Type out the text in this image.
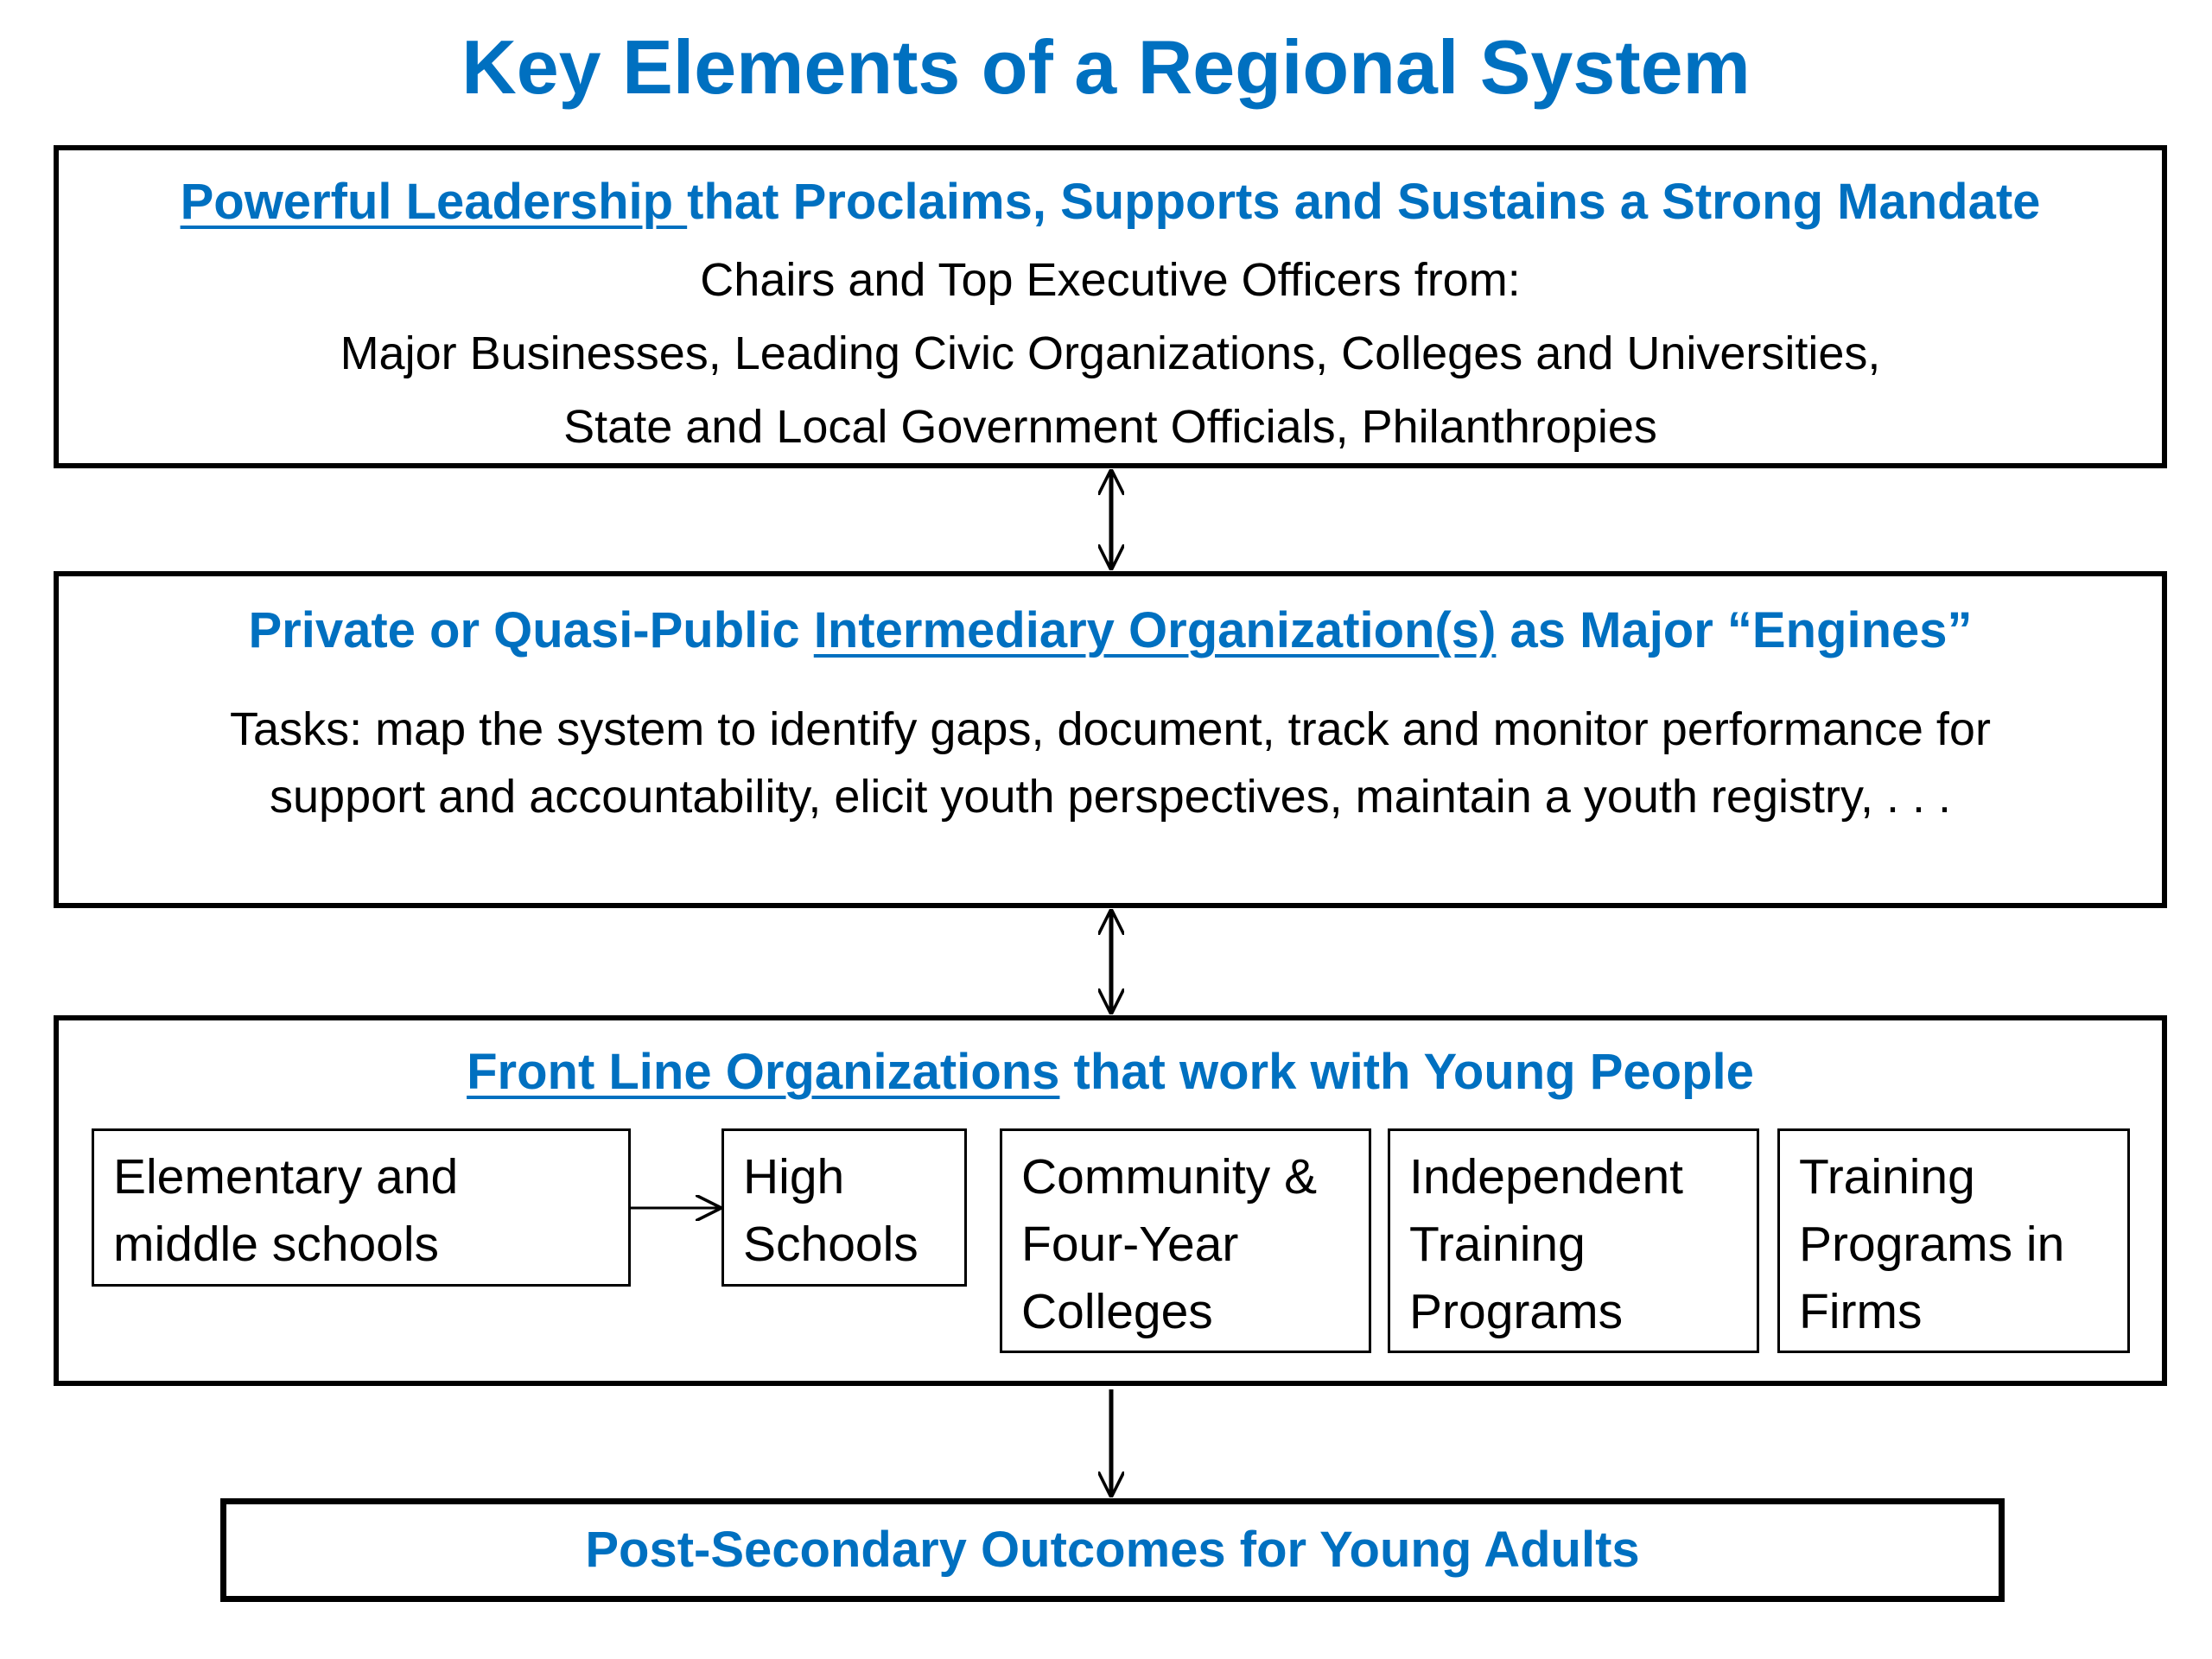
Key Elements of a Regional System
Powerful Leadership that Proclaims, Supports and Sustains a Strong Mandate
Chairs and Top Executive Officers from:
Major Businesses, Leading Civic Organizations, Colleges and Universities,
State and Local Government Officials, Philanthropies
Private or Quasi-Public Intermediary Organization(s) as Major “Engines”
Tasks: map the system to identify gaps, document, track and monitor performance for
support and accountability, elicit youth perspectives, maintain a youth registry, . . .
Front Line Organizations that work with Young People
Elementary and
middle schools
High
Schools
Community &
Four-Year
Colleges
Independent
Training
Programs
Training
Programs in
Firms
Post-Secondary Outcomes for Young Adults
